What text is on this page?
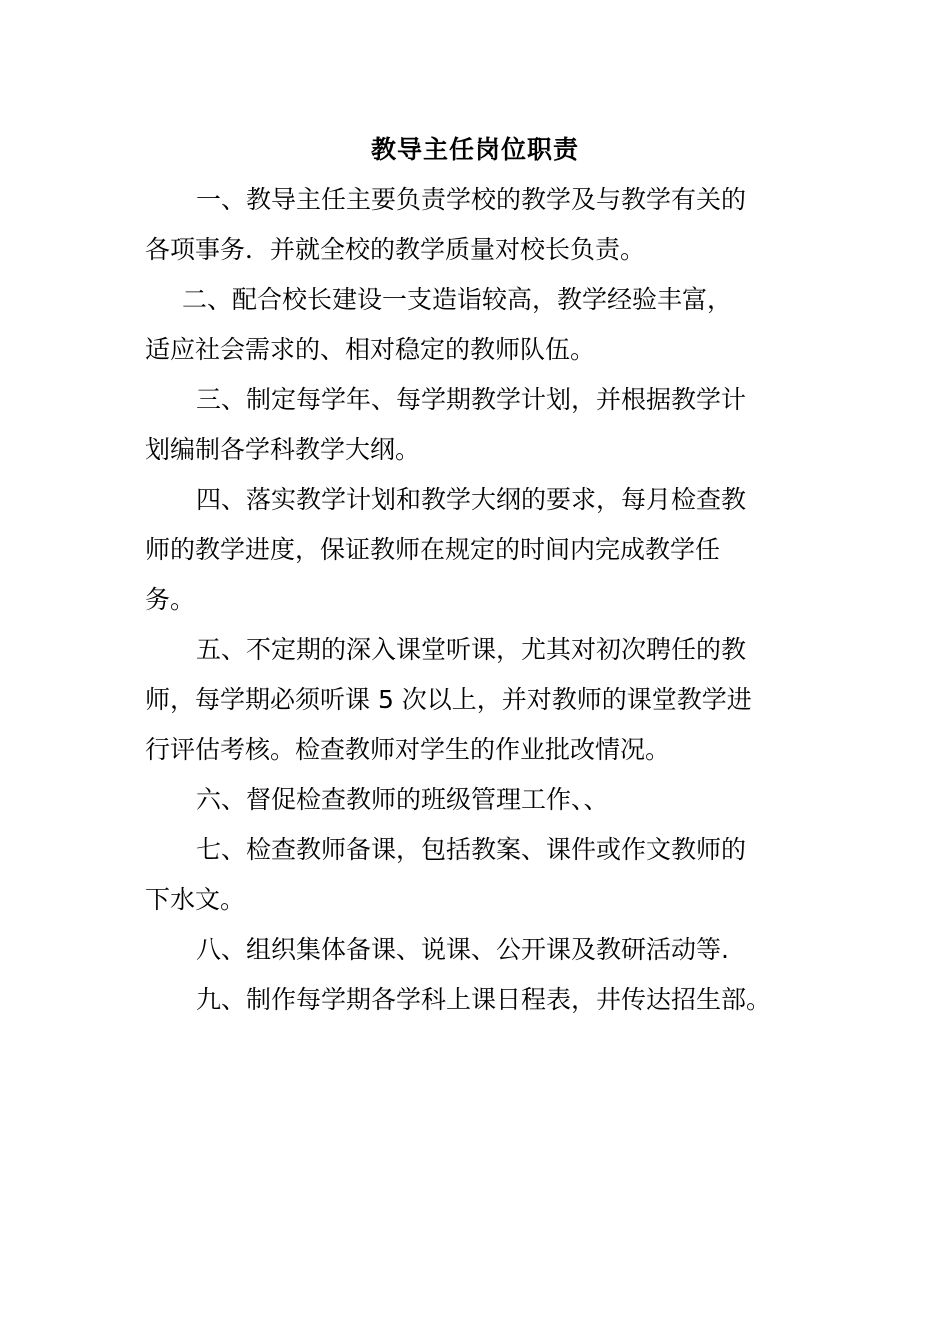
教导主任岗位职责
一、教导主任主要负责学校的教学及与教学有关的
各项事务．并就全校的教学质量对校长负责。
二、配合校长建设一支造诣较高，教学经验丰富，
适应社会需求的、相对稳定的教师队伍。
三、制定每学年、每学期教学计划，并根据教学计
划编制各学科教学大纲。
四、落实教学计划和教学大纲的要求，每月检查教
师的教学进度，保证教师在规定的时间内完成教学任
务。
五、不定期的深入课堂听课，尤其对初次聘任的教
师，每学期必须听课 5 次以上，并对教师的课堂教学进
行评估考核。检查教师对学生的作业批改情况。
六、督促检查教师的班级管理工作、、
七、检查教师备课，包括教案、课件或作文教师的
下水文。
八、组织集体备课、说课、公开课及教研活动等.
九、制作每学期各学科上课日程表，井传达招生部。
